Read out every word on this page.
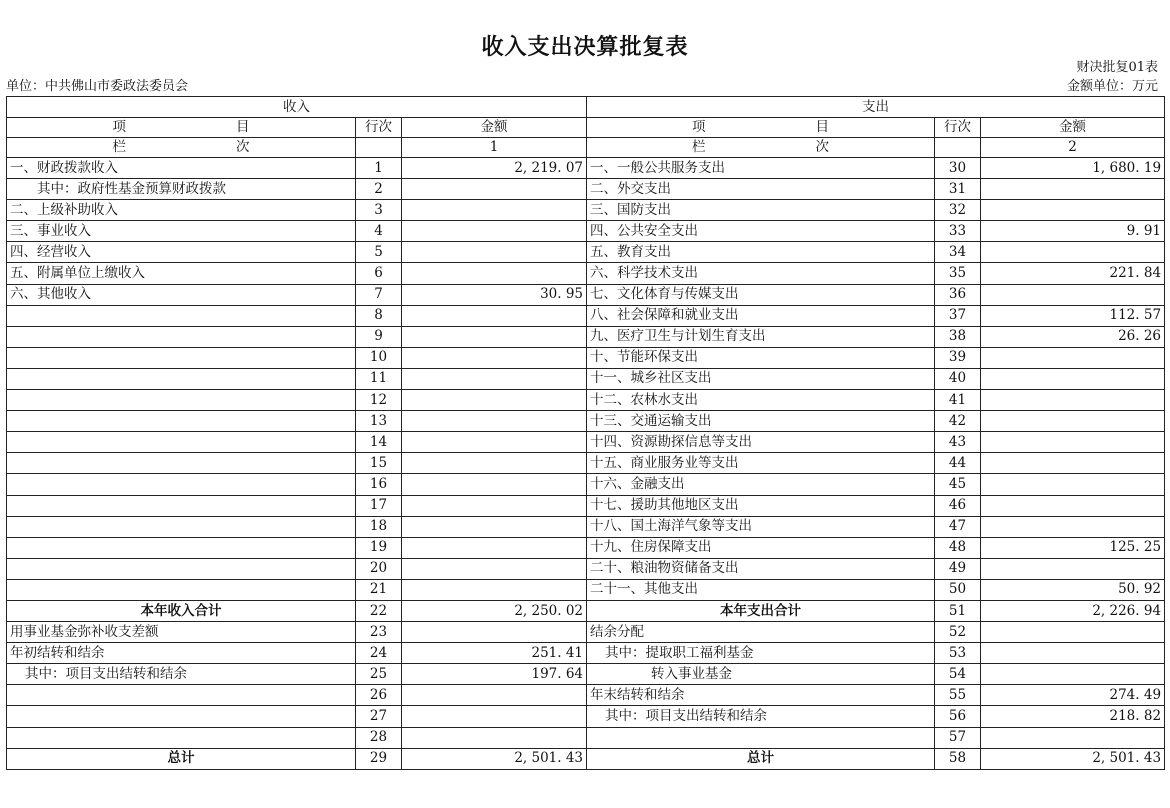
收入支出决算批复表
财决批复01表
金额单位：万元
单位：中共佛山市委政法委员会
收入			支出		
项 目	行次	金额	项 目	行次	金额
栏 次		1	栏 次		2
一、财政拨款收入	1	2, 219. 07	一、一般公共服务支出	30	1, 680. 19
其中：政府性基金预算财政拨款	2		二、外交支出	31	
二、上级补助收入	3		三、国防支出	32	
三、事业收入	4		四、公共安全支出	33	9. 91
四、经营收入	5		五、教育支出	34	
五、附属单位上缴收入	6		六、科学技术支出	35	221. 84
六、其他收入	7	30. 95	七、文化体育与传媒支出	36	
	8		八、社会保障和就业支出	37	112. 57
	9		九、医疗卫生与计划生育支出	38	26. 26
	10		十、节能环保支出	39	
	11		十一、城乡社区支出	40	
	12		十二、农林水支出	41	
	13		十三、交通运输支出	42	
	14		十四、资源勘探信息等支出	43	
	15		十五、商业服务业等支出	44	
	16		十六、金融支出	45	
	17		十七、援助其他地区支出	46	
	18		十八、国土海洋气象等支出	47	
	19		十九、住房保障支出	48	125. 25
	20		二十、粮油物资储备支出	49	
	21		二十一、其他支出	50	50. 92
本年收入合计	22	2, 250. 02	本年支出合计	51	2, 226. 94
用事业基金弥补收支差额	23		结余分配	52	
年初结转和结余	24	251. 41	其中：提取职工福利基金	53	
其中：项目支出结转和结余	25	197. 64	转入事业基金	54	
	26		年末结转和结余	55	274. 49
	27		其中：项目支出结转和结余	56	218. 82
	28			57	
总计	29	2, 501. 43	总计	58	2, 501. 43
